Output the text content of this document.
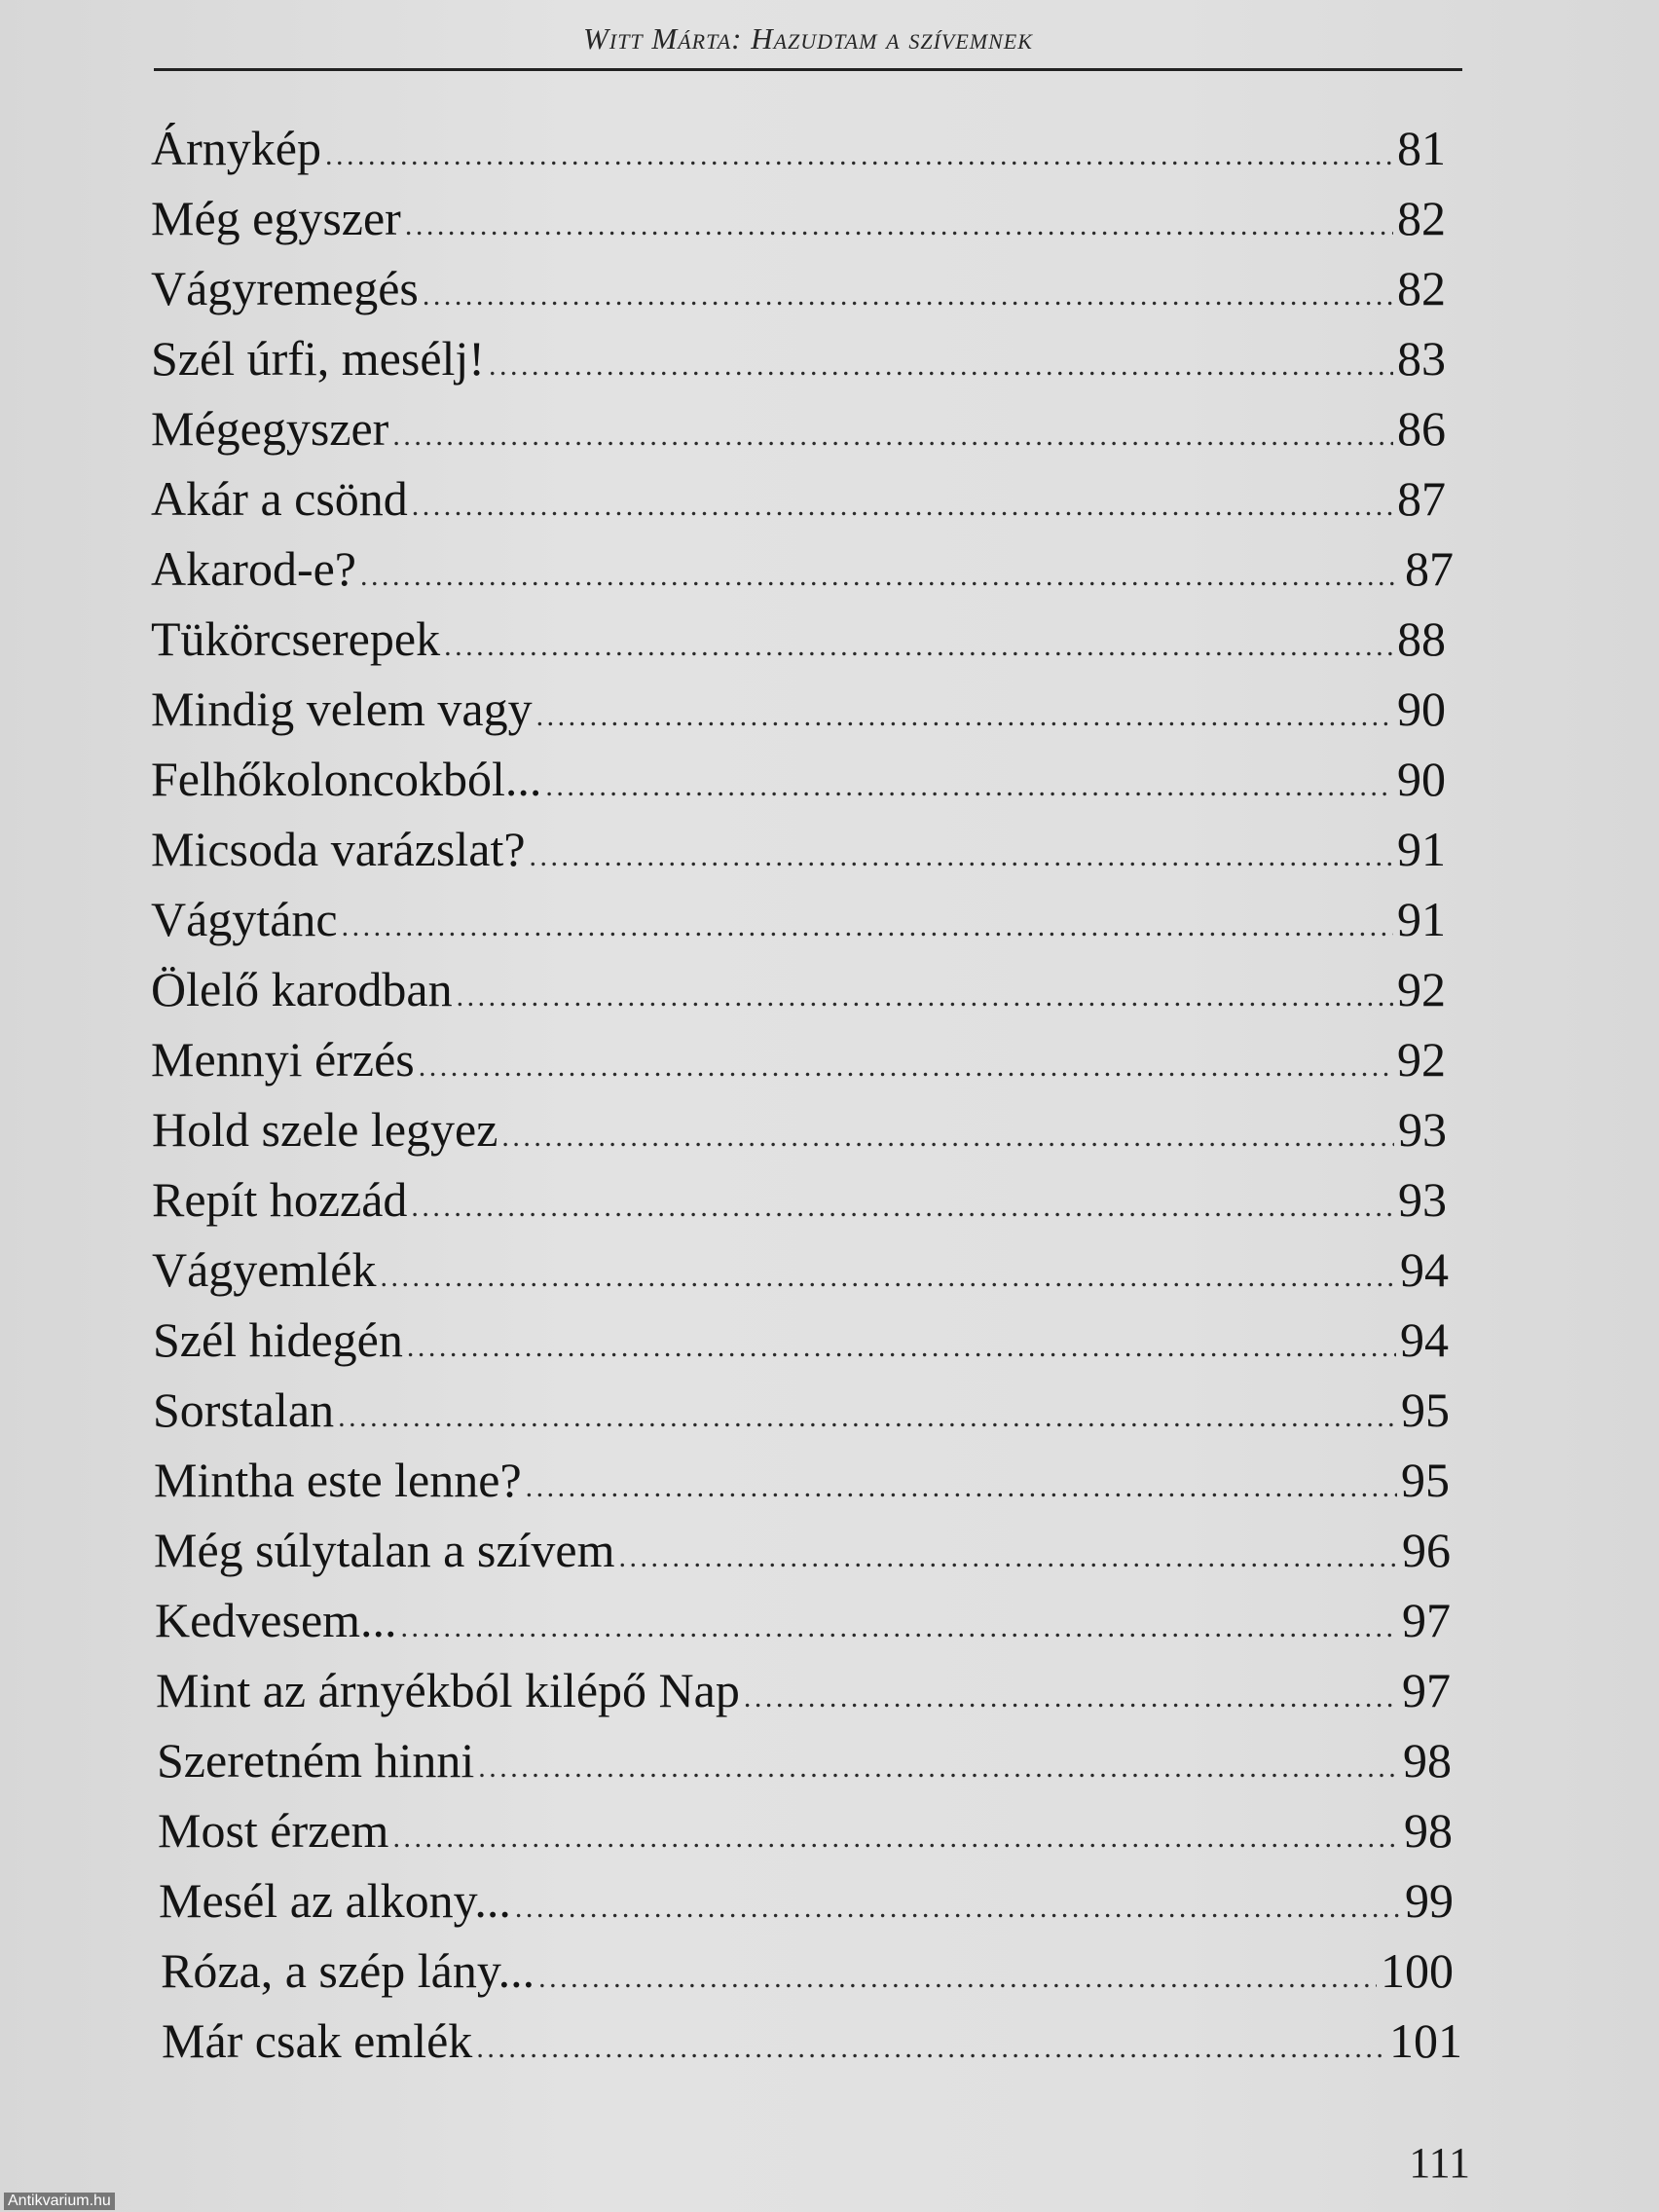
Witt Márta: Hazudtam a szívemnek
Árnykép . . .	81
Még egyszer . . .	82
Vágyremegés . . .	82
Szél úrfi, mesélj! . . .	83
Mégegyszer . . .	86
Akár a csönd . . .	87
Akarod-e? . . .	87
Tükörcserepek . . .	88
Mindig velem vagy . . .	90
Felhőkoloncokból... . . .	90
Micsoda varázslat? . . .	91
Vágytánc . . .	91
Ölelő karodban . . .	92
Mennyi érzés . . .	92
Hold szele legyez . . .	93
Repít hozzád . . .	93
Vágyemlék . . .	94
Szél hidegén . . .	94
Sorstalan . . .	95
Mintha este lenne? . . .	95
Még súlytalan a szívem . . .	96
Kedvesem... . . .	97
Mint az árnyékból kilépő Nap . . .	97
Szeretném hinni . . .	98
Most érzem . . .	98
Mesél az alkony... . . .	99
Róza, a szép lány... . . .	100
Már csak emlék . . .	101
111
Antikvarium.hu
